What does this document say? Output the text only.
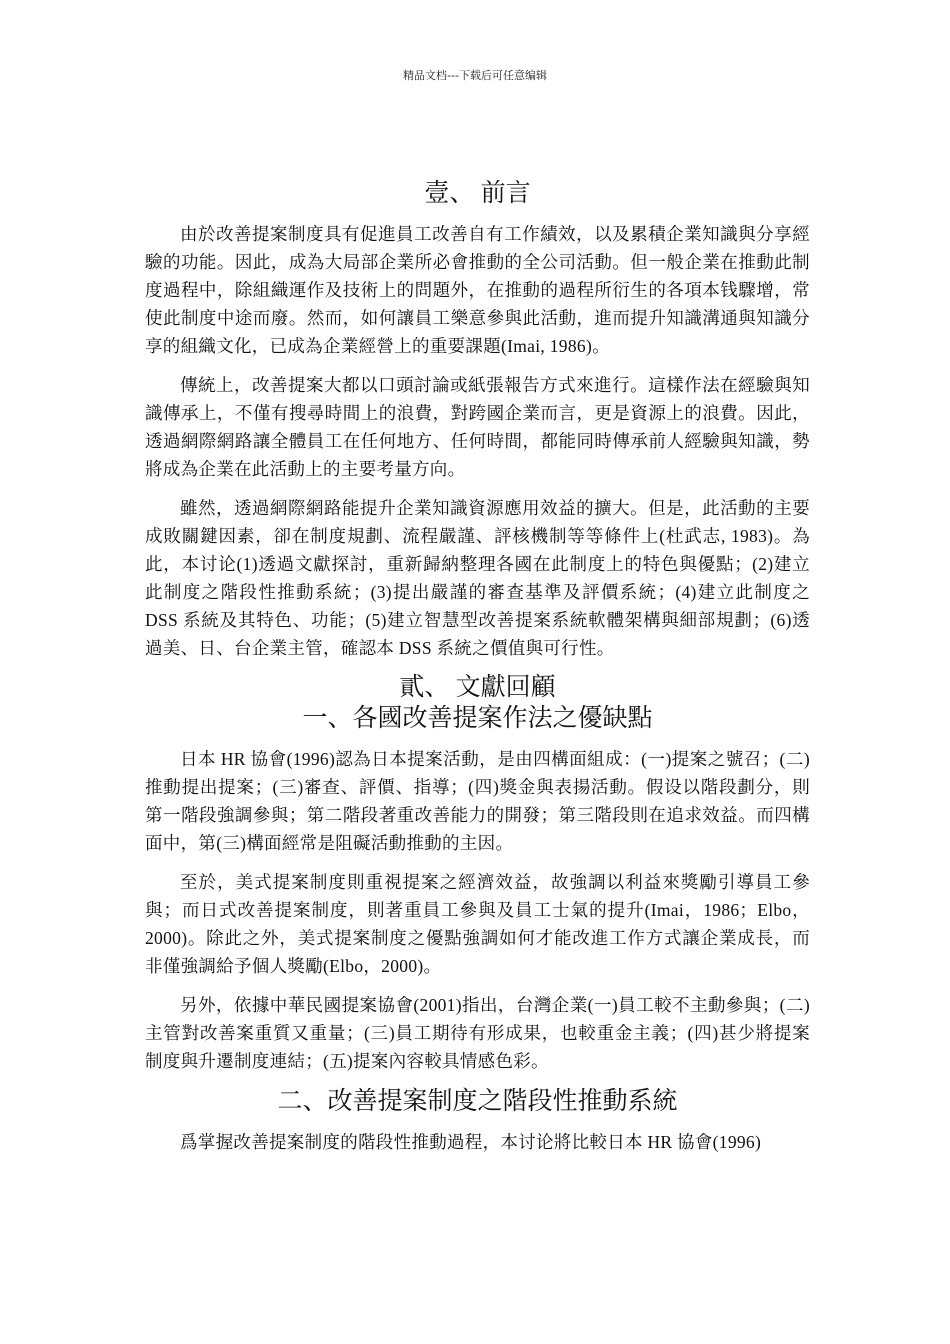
精品文档---下载后可任意编辑
壹、 前言

由於改善提案制度具有促進員工改善自有工作績效，以及累積企業知識與分享經驗的功能。因此，成為大局部企業所必會推動的全公司活動。但一般企業在推動此制度過程中，除組織運作及技術上的問題外，在推動的過程所衍生的各項本钱驟增，常使此制度中途而廢。然而，如何讓員工樂意參與此活動，進而提升知識溝通與知識分享的組織文化，已成為企業經營上的重要課題(Imai, 1986)。

傳統上，改善提案大都以口頭討論或紙張報告方式來進行。這樣作法在經驗與知識傳承上，不僅有搜尋時間上的浪費，對跨國企業而言，更是資源上的浪費。因此，透過網際網路讓全體員工在任何地方、任何時間，都能同時傳承前人經驗與知識，勢將成為企業在此活動上的主要考量方向。

雖然，透過網際網路能提升企業知識資源應用效益的擴大。但是，此活動的主要成敗關鍵因素，卻在制度規劃、流程嚴謹、評核機制等等條件上(杜武志, 1983)。為此，本讨论(1)透過文獻探討，重新歸納整理各國在此制度上的特色與優點；(2)建立此制度之階段性推動系統；(3)提出嚴謹的審查基準及評價系統；(4)建立此制度之 DSS 系統及其特色、功能；(5)建立智慧型改善提案系統軟體架構與細部規劃；(6)透過美、日、台企業主管，確認本 DSS 系統之價值與可行性。

貳、 文獻回顧
一、各國改善提案作法之優缺點

日本 HR 協會(1996)認為日本提案活動，是由四構面組成：(一)提案之號召；(二)推動提出提案；(三)審查、評價、指導；(四)獎金與表揚活動。假设以階段劃分，則第一階段強調參與；第二階段著重改善能力的開發；第三階段則在追求效益。而四構面中，第(三)構面經常是阻礙活動推動的主因。

至於，美式提案制度則重視提案之經濟效益，故強調以利益來獎勵引導員工參與；而日式改善提案制度，則著重員工參與及員工士氣的提升(Imai，1986；Elbo，2000)。除此之外，美式提案制度之優點強調如何才能改進工作方式讓企業成長，而非僅強調給予個人獎勵(Elbo，2000)。

另外，依據中華民國提案協會(2001)指出，台灣企業(一)員工較不主動參與；(二)主管對改善案重質又重量；(三)員工期待有形成果，也較重金主義；(四)甚少將提案制度與升遷制度連結；(五)提案內容較具情感色彩。

二、改善提案制度之階段性推動系統

爲掌握改善提案制度的階段性推動過程，本讨论將比較日本 HR 協會(1996)
